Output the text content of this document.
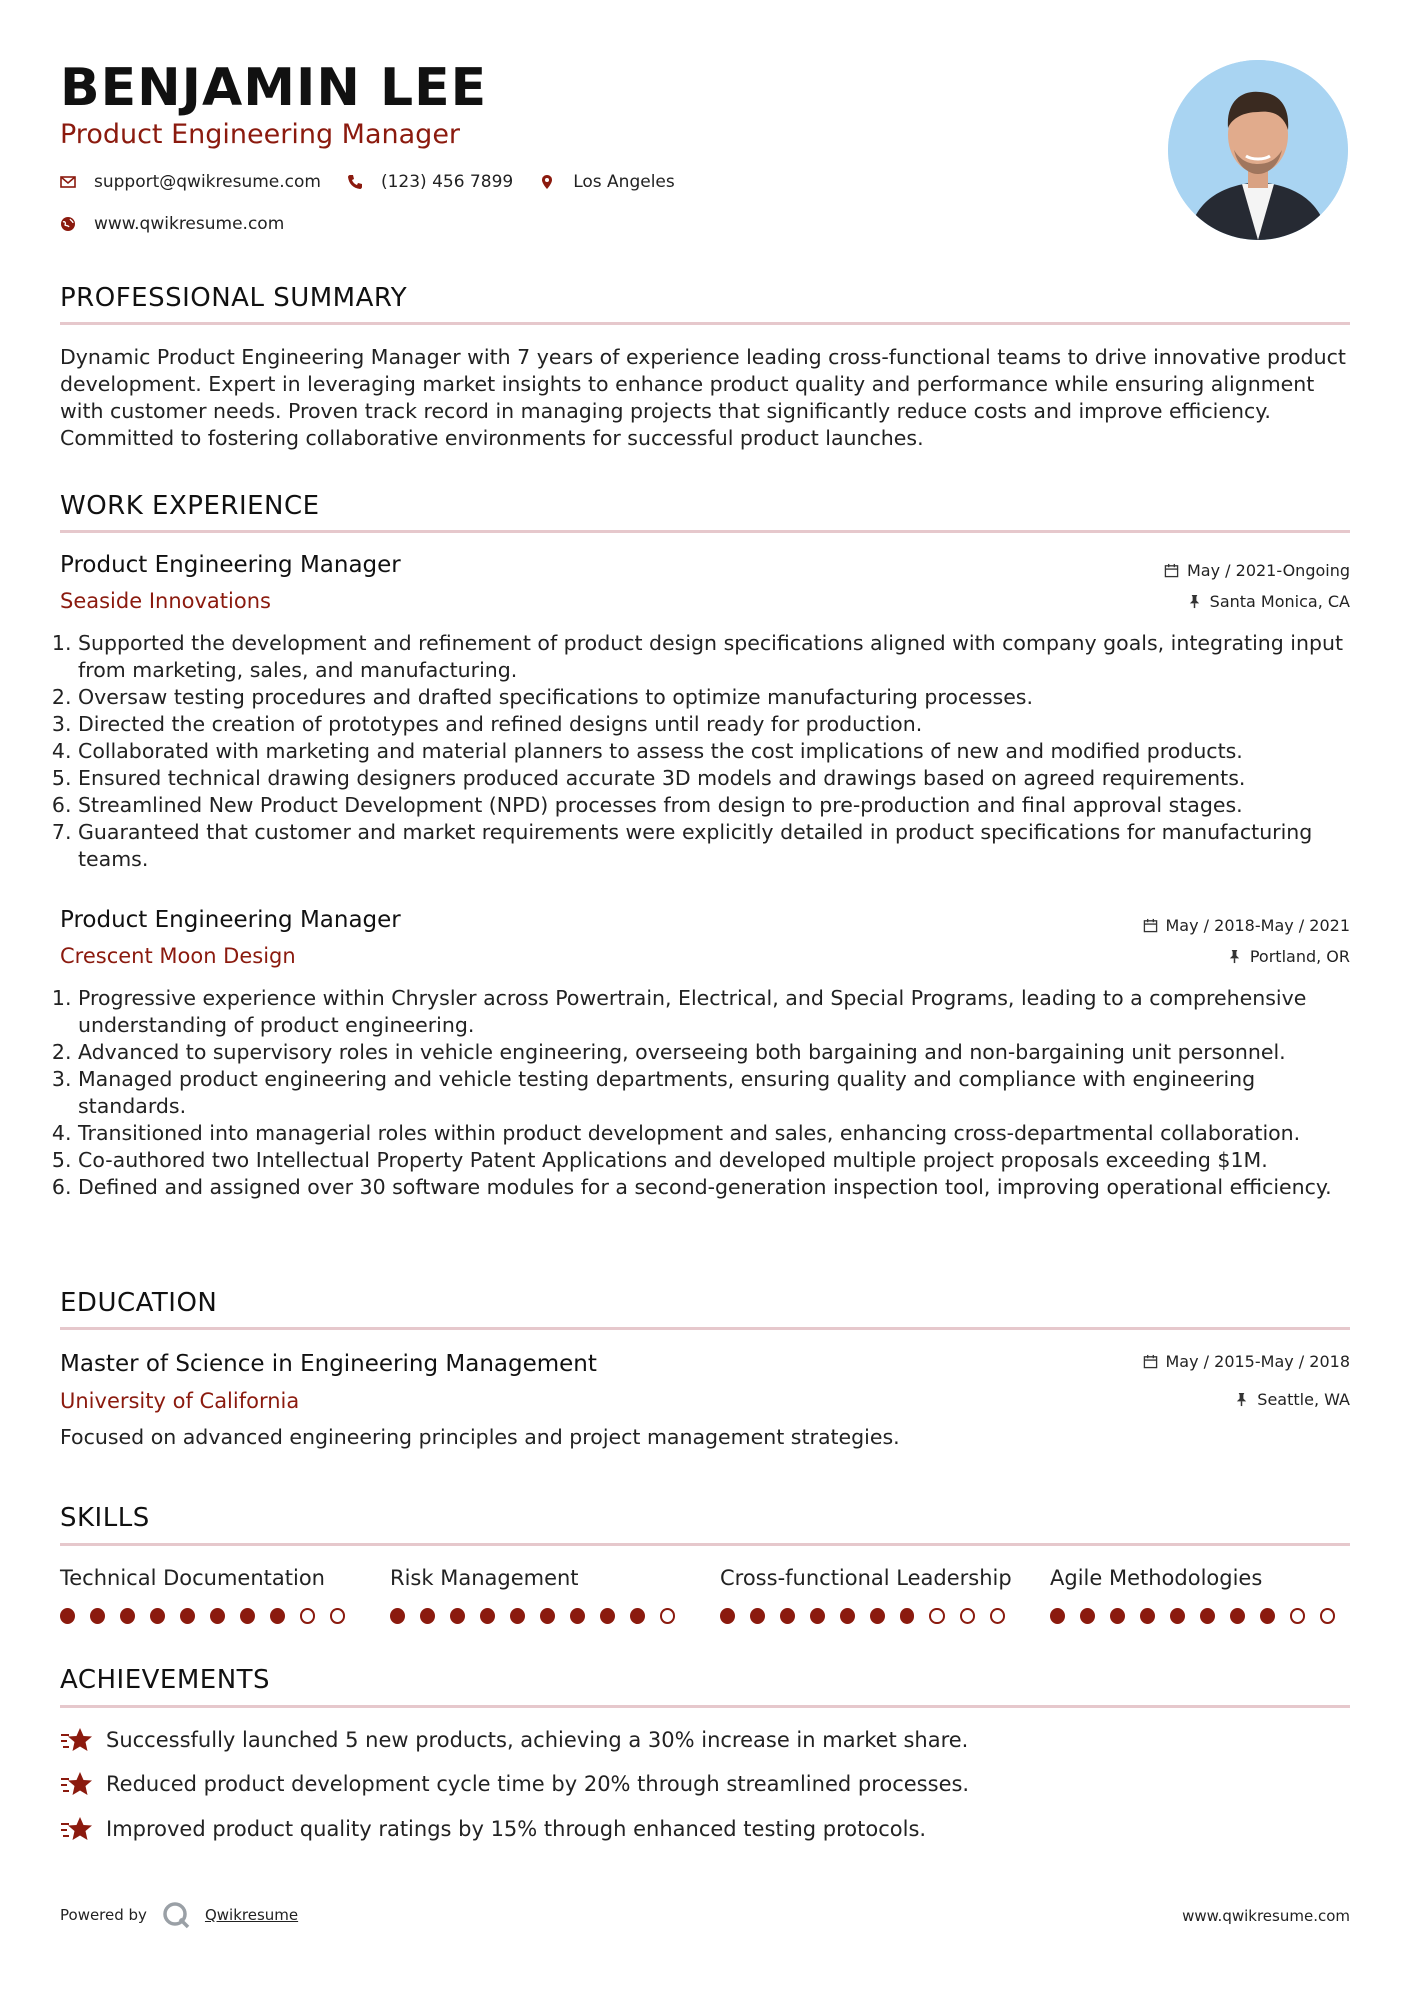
BENJAMIN LEE
Product Engineering Manager
support@qwikresume.com	(123) 456 7899	Los Angeles
www.qwikresume.com
PROFESSIONAL SUMMARY

Dynamic Product Engineering Manager with 7 years of experience leading cross-functional teams to drive innovative product development. Expert in leveraging market insights to enhance product quality and performance while ensuring alignment with customer needs. Proven track record in managing projects that significantly reduce costs and improve efficiency. Committed to fostering collaborative environments for successful product launches.

WORK EXPERIENCE
Product Engineering Manager
Seaside Innovations
May / 2021-Ongoing
Santa Monica, CA
1. Supported the development and refinement of product design specifications aligned with company goals, integrating input from marketing, sales, and manufacturing.
2. Oversaw testing procedures and drafted specifications to optimize manufacturing processes.
3. Directed the creation of prototypes and refined designs until ready for production.
4. Collaborated with marketing and material planners to assess the cost implications of new and modified products.
5. Ensured technical drawing designers produced accurate 3D models and drawings based on agreed requirements.
6. Streamlined New Product Development (NPD) processes from design to pre-production and final approval stages.
7. Guaranteed that customer and market requirements were explicitly detailed in product specifications for manufacturing teams.
Product Engineering Manager
Crescent Moon Design
May / 2018-May / 2021
Portland, OR
1. Progressive experience within Chrysler across Powertrain, Electrical, and Special Programs, leading to a comprehensive understanding of product engineering.
2. Advanced to supervisory roles in vehicle engineering, overseeing both bargaining and non-bargaining unit personnel.
3. Managed product engineering and vehicle testing departments, ensuring quality and compliance with engineering standards.
4. Transitioned into managerial roles within product development and sales, enhancing cross-departmental collaboration.
5. Co-authored two Intellectual Property Patent Applications and developed multiple project proposals exceeding $1M.
6. Defined and assigned over 30 software modules for a second-generation inspection tool, improving operational efficiency.
EDUCATION
Master of Science in Engineering Management
University of California
May / 2015-May / 2018
Seattle, WA

Focused on advanced engineering principles and project management strategies.

SKILLS
Technical Documentation	Risk Management	Cross-functional Leadership	Agile Methodologies
ACHIEVEMENTS
Successfully launched 5 new products, achieving a 30% increase in market share.
Reduced product development cycle time by 20% through streamlined processes.
Improved product quality ratings by 15% through enhanced testing protocols.
Powered by	Qwikresume	www.qwikresume.com
